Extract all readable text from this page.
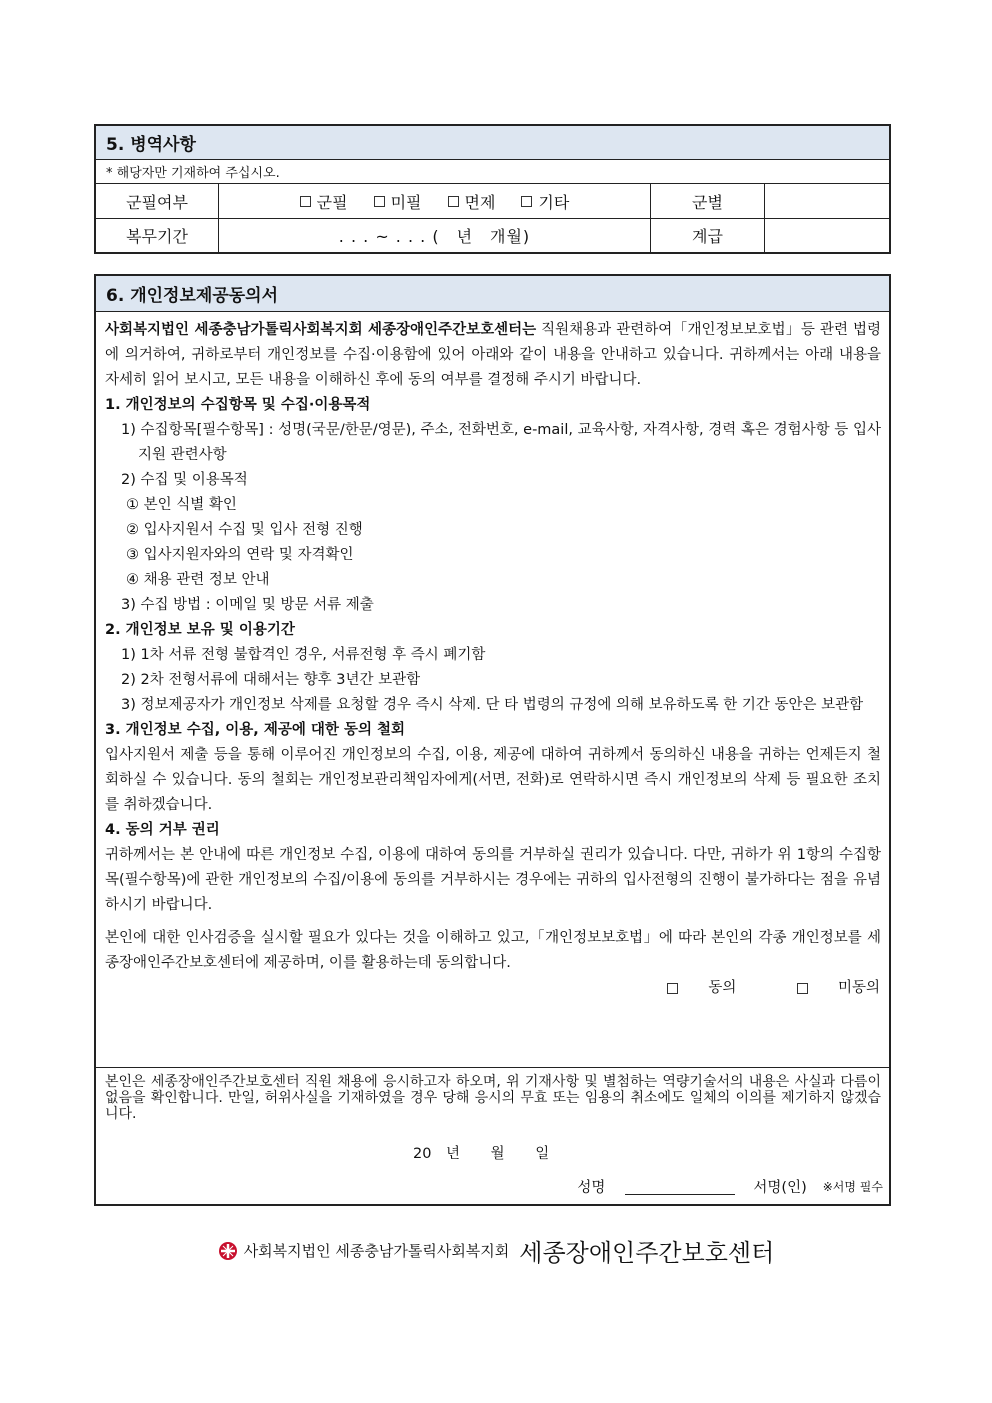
5. 병역사항
* 해당자만 기재하여 주십시오.
군필여부	군필	미필	면제	기타	군별
복무기간	. . . ~ . . . (　년　개월)	계급
6. 개인정보제공동의서

사회복지법인 세종충남가톨릭사회복지회 세종장애인주간보호센터는 직원채용과 관련하여「개인정보보호법」등 관련 법령에 의거하여, 귀하로부터 개인정보를 수집·이용함에 있어 아래와 같이 내용을 안내하고 있습니다. 귀하께서는 아래 내용을 자세히 읽어 보시고, 모든 내용을 이해하신 후에 동의 여부를 결정해 주시기 바랍니다.

1. 개인정보의 수집항목 및 수집·이용목적

1) 수집항목[필수항목] : 성명(국문/한문/영문), 주소, 전화번호, e-mail, 교육사항, 자격사항, 경력 혹은 경험사항 등 입사지원 관련사항

2) 수집 및 이용목적

① 본인 식별 확인

② 입사지원서 수집 및 입사 전형 진행

③ 입사지원자와의 연락 및 자격확인

④ 채용 관련 정보 안내

3) 수집 방법 : 이메일 및 방문 서류 제출

2. 개인정보 보유 및 이용기간

1) 1차 서류 전형 불합격인 경우, 서류전형 후 즉시 폐기함

2) 2차 전형서류에 대해서는 향후 3년간 보관함

3) 정보제공자가 개인정보 삭제를 요청할 경우 즉시 삭제. 단 타 법령의 규정에 의해 보유하도록 한 기간 동안은 보관함

3. 개인정보 수집, 이용, 제공에 대한 동의 철회

입사지원서 제출 등을 통해 이루어진 개인정보의 수집, 이용, 제공에 대하여 귀하께서 동의하신 내용을 귀하는 언제든지 철회하실 수 있습니다. 동의 철회는 개인정보관리책임자에게(서면, 전화)로 연락하시면 즉시 개인정보의 삭제 등 필요한 조치를 취하겠습니다.

4. 동의 거부 권리

귀하께서는 본 안내에 따른 개인정보 수집, 이용에 대하여 동의를 거부하실 권리가 있습니다. 다만, 귀하가 위 1항의 수집항목(필수항목)에 관한 개인정보의 수집/이용에 동의를 거부하시는 경우에는 귀하의 입사전형의 진행이 불가하다는 점을 유념하시기 바랍니다.

본인에 대한 인사검증을 실시할 필요가 있다는 것을 이해하고 있고,「개인정보보호법」에 따라 본인의 각종 개인정보를 세종장애인주간보호센터에 제공하며, 이를 활용하는데 동의합니다.

동의
	미동의

본인은 세종장애인주간보호센터 직원 채용에 응시하고자 하오며, 위 기재사항 및 별첨하는 역량기술서의 내용은 사실과 다름이 없음을 확인합니다. 만일, 허위사실을 기재하였을 경우 당해 응시의 무효 또는 임용의 취소에도 일체의 이의를 제기하지 않겠습니다.
20　년 월 일
성명	서명(인) ※서명 필수
사회복지법인 세종충남가톨릭사회복지회 세종장애인주간보호센터
